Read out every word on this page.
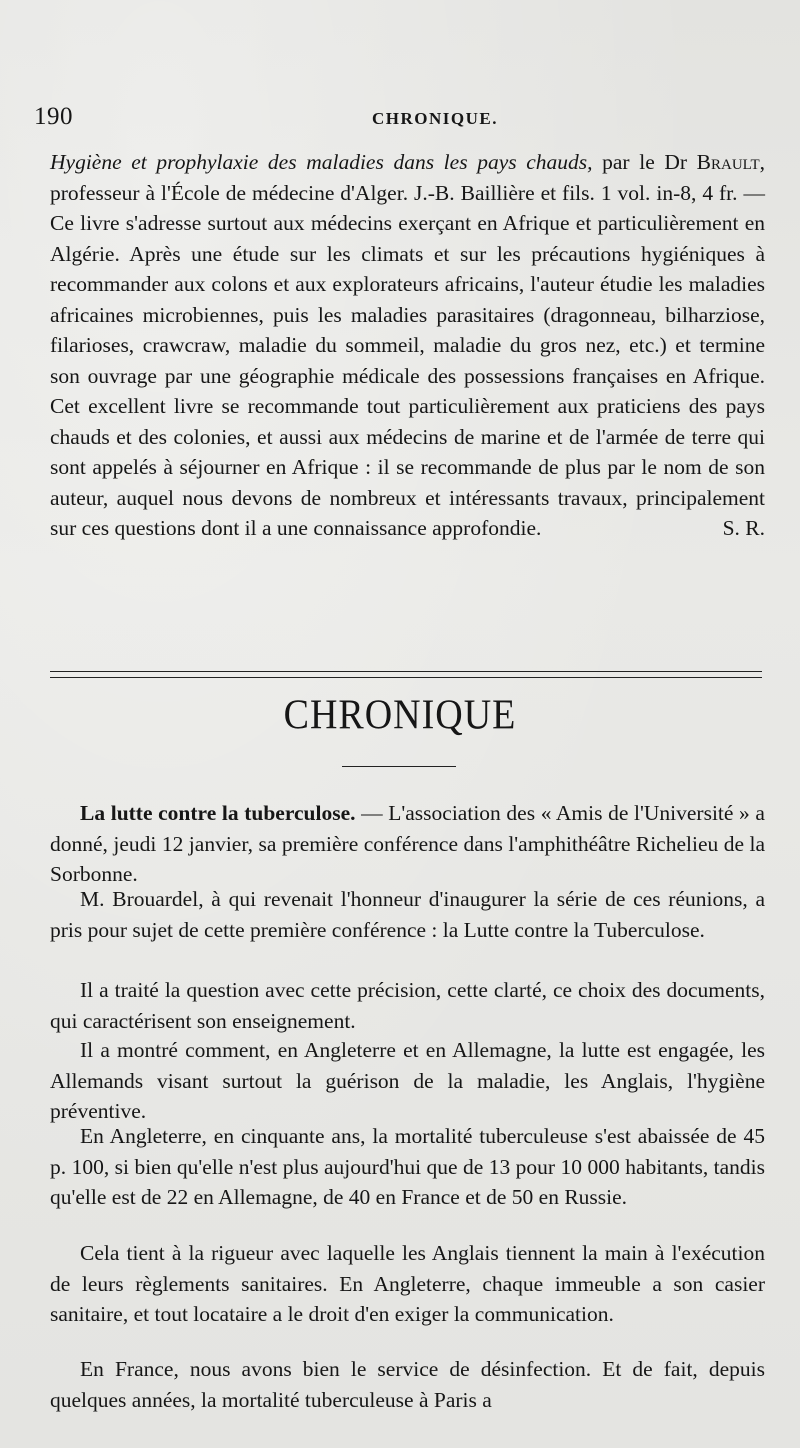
190	CHRONIQUE.

Hygiène et prophylaxie des maladies dans les pays chauds, par le Dr Brault, professeur à l'École de médecine d'Alger. J.-B. Baillière et fils. 1 vol. in-8, 4 fr. — Ce livre s'adresse surtout aux médecins exerçant en Afrique et particulièrement en Algérie. Après une étude sur les climats et sur les précautions hygiéniques à recommander aux colons et aux explorateurs africains, l'auteur étudie les maladies africaines microbiennes, puis les maladies parasitaires (dragonneau, bilharziose, filarioses, crawcraw, maladie du sommeil, maladie du gros nez, etc.) et termine son ouvrage par une géographie médicale des possessions françaises en Afrique. Cet excellent livre se recommande tout particulièrement aux praticiens des pays chauds et des colonies, et aussi aux médecins de marine et de l'armée de terre qui sont appelés à séjourner en Afrique : il se recommande de plus par le nom de son auteur, auquel nous devons de nombreux et intéressants travaux, principalement sur ces questions dont il a une connaissance approfondie.	S. R.

CHRONIQUE

La lutte contre la tuberculose. — L'association des « Amis de l'Université » a donné, jeudi 12 janvier, sa première conférence dans l'amphithéâtre Richelieu de la Sorbonne.

M. Brouardel, à qui revenait l'honneur d'inaugurer la série de ces réunions, a pris pour sujet de cette première conférence : la Lutte contre la Tuberculose.

Il a traité la question avec cette précision, cette clarté, ce choix des documents, qui caractérisent son enseignement.

Il a montré comment, en Angleterre et en Allemagne, la lutte est engagée, les Allemands visant surtout la guérison de la maladie, les Anglais, l'hygiène préventive.

En Angleterre, en cinquante ans, la mortalité tuberculeuse s'est abaissée de 45 p. 100, si bien qu'elle n'est plus aujourd'hui que de 13 pour 10 000 habitants, tandis qu'elle est de 22 en Allemagne, de 40 en France et de 50 en Russie.

Cela tient à la rigueur avec laquelle les Anglais tiennent la main à l'exécution de leurs règlements sanitaires. En Angleterre, chaque immeuble a son casier sanitaire, et tout locataire a le droit d'en exiger la communication.

En France, nous avons bien le service de désinfection. Et de fait, depuis quelques années, la mortalité tuberculeuse à Paris a
